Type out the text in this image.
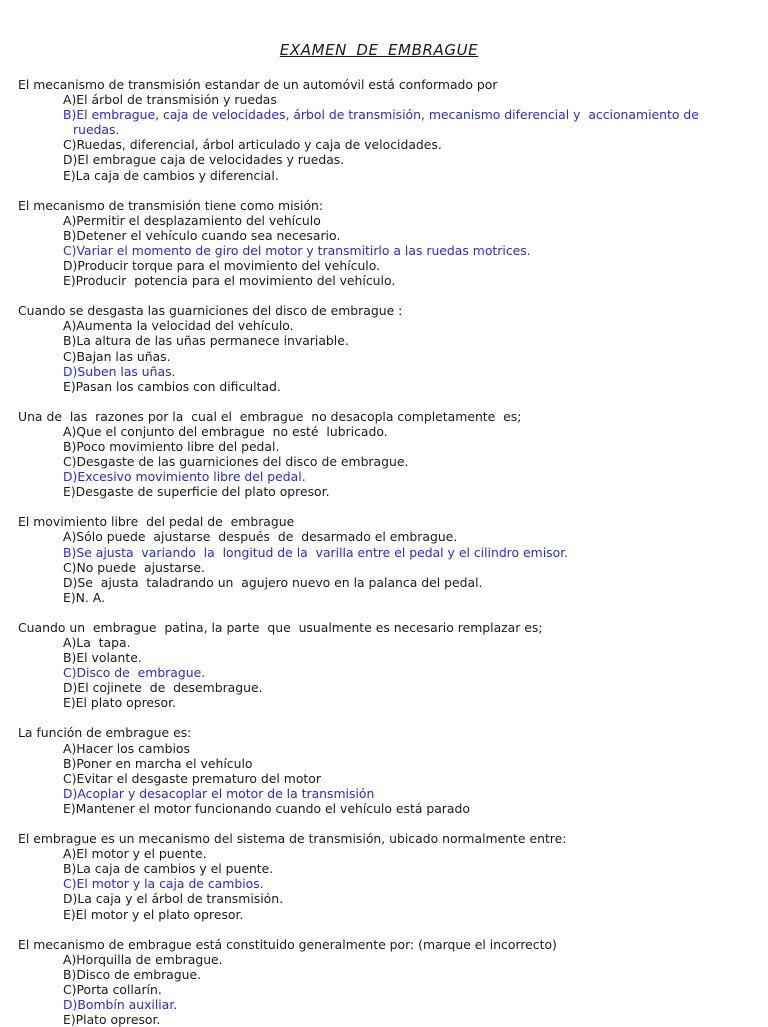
EXAMEN DE EMBRAGUE
El mecanismo de transmisión estandar de un automóvil está conformado por
A)El árbol de transmisión y ruedas
B)El embrague, caja de velocidades, árbol de transmisión, mecanismo diferencial y  accionamiento de
ruedas.
C)Ruedas, diferencial, árbol articulado y caja de velocidades.
D)El embrague caja de velocidades y ruedas.
E)La caja de cambios y diferencial.
El mecanismo de transmisión tiene como misión:
A)Permitir el desplazamiento del vehículo
B)Detener el vehículo cuando sea necesario.
C)Variar el momento de giro del motor y transmitirlo a las ruedas motrices.
D)Producir torque para el movimiento del vehículo.
E)Producir  potencia para el movimiento del vehículo.
Cuando se desgasta las guarniciones del disco de embrague :
A)Aumenta la velocidad del vehículo.
B)La altura de las uñas permanece invariable.
C)Bajan las uñas.
D)Suben las uñas.
E)Pasan los cambios con dificultad.
Una de  las  razones por la  cual el  embrague  no desacopla completamente  es;
A)Que el conjunto del embrague  no esté  lubricado.
B)Poco movimiento libre del pedal.
C)Desgaste de las guarniciones del disco de embrague.
D)Excesivo movimiento libre del pedal.
E)Desgaste de superficie del plato opresor.
El movimiento libre  del pedal de  embrague
A)Sólo puede  ajustarse  después  de  desarmado el embrague.
B)Se ajusta  variando  la  longitud de la  varilla entre el pedal y el cilindro emisor.
C)No puede  ajustarse.
D)Se  ajusta  taladrando un  agujero nuevo en la palanca del pedal.
E)N. A.
Cuando un  embrague  patina, la parte  que  usualmente es necesario remplazar es;
A)La  tapa.
B)El volante.
C)Disco de  embrague.
D)El cojinete  de  desembrague.
E)El plato opresor.
La función de embrague es:
A)Hacer los cambios
B)Poner en marcha el vehículo
C)Evitar el desgaste prematuro del motor
D)Acoplar y desacoplar el motor de la transmisión
E)Mantener el motor funcionando cuando el vehículo está parado
El embrague es un mecanismo del sistema de transmisión, ubicado normalmente entre:
A)El motor y el puente.
B)La caja de cambios y el puente.
C)El motor y la caja de cambios.
D)La caja y el árbol de transmisión.
E)El motor y el plato opresor.
El mecanismo de embrague está constituido generalmente por: (marque el incorrecto)
A)Horquilla de embrague.
B)Disco de embrague.
C)Porta collarín.
D)Bombín auxiliar.
E)Plato opresor.
